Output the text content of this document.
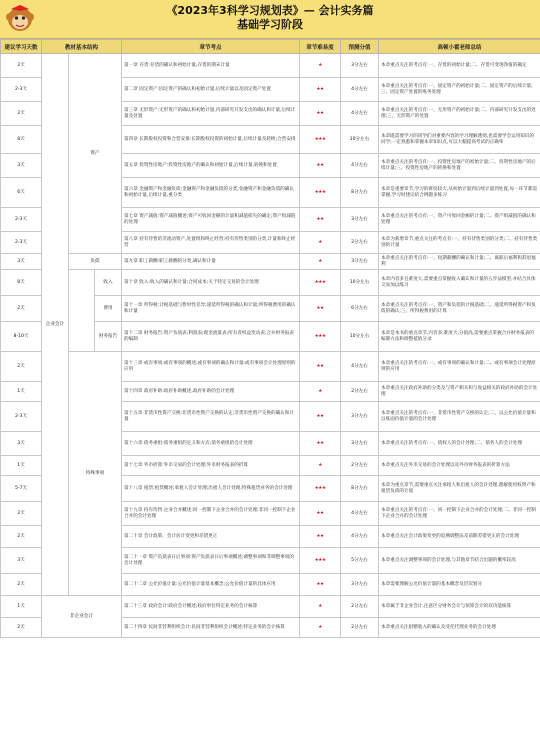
《2023年3科学习规划表》— 会计实务篇
基础学习阶段
建议学习天数	教材基本结构			章节考点	章节难易度	预测分值	高顿小霍老师总结
2天	企业会计	资产		第一章 存货:存货的确认和初始计量,存货的期末计量	★	3分左右	本章重点关注的考点有:一、存货的初始计量;二、存货可变现净值的确定
2-3天				第二章 固定资产:固定资产的确认和初始计量,后续计量以及固定资产处置	★★	4分左右	本章重点关注的考点有:一、固定资产的初始计量;二、固定资产的后续计量;三、固定资产处置的账务处理
2天				第三章 无形资产:无形资产的确认和初始计量,内部研究开发支出的确认和计量,后续计量及处置	★★	4分左右	本章重点关注的考点有:一、无形资产的初始计量;二、内部研究开发支出的处理;三、无形资产的处置
8天				第四章 长期股权投资和合营安排:长期股权投资的初始计量,后续计量及转换;合营安排	★★★	10分左右	本章既需要学习的同学们对重要内容的学习理解透彻,也需要学会运用知识的同学;一定熟悉和掌握本章知识点,可以大幅提高考试的正确率
3天				第五章 投资性房地产:投资性房地产的确认和初始计量,后续计量,转换和处置	★★	4分左右	本章重点关注的考点有:一、投资性房地产的初始计量;二、投资性房地产的后续计量;三、投资性房地产的转换和处置
6天				第六章 金融资产和金融负债:金融资产和金融负债的分类,金融资产和金融负债的确认和初始计量,后续计量,重分类	★★★	8分左右	本章是重要章节,学习的难度较大,从初始计量到后续计量到处置,每一环节都需掌握,学习时建议结合例题多练习
2-3天				第七章 资产减值:资产减值概述;资产可收回金额的计量和减值损失的确定;资产组减值的处理	★★	3分左右	本章重点关注的考点有:一、资产可收回金额的计量;二、资产组减值的确认和处理
2-3天				第八章 持有待售的非流动资产,处置组和终止经营:持有待售类别的分类,计量和终止经营	★	2分左右	本章为新增章节,重点关注的考点有:一、持有待售类别的分类;二、持有待售类别的计量
3天		负债		第九章 职工薪酬:职工薪酬的分类,确认和计量	★	3分左右	本章重点关注的考点有:一、短期薪酬的确认和计量;二、离职后福利和辞退福利
8天			收入	第十章 收入:收入的确认和计量;合同成本;关于特定交易的会计处理	★★★	10分左右	本章内容多且难度大,需要重点掌握收入确认和计量的五步法模型,并结合具体交易加以练习
2天			费用	第十一章 所得税:计税基础与暂时性差异;递延所得税的确认和计量;所得税费用的确认和计量	★★	6分左右	本章重点关注的考点有:一、资产和负债的计税基础;二、递延所得税资产和负债的确认;三、所得税费用的计算
8-10天			财务报告	第十二章 财务报告:资产负债表;利润表;现金流量表;所有者权益变动表;合并财务报表的编制	★★★	10分左右	本章是本书的重点章节,内容多,难度大,分值高,需要重点掌握合并财务报表的编制方法和调整抵销分录
2天		特殊事项		第十三章 或有事项:或有事项的概述;或有事项的确认和计量;或有事项会计处理原则的应用	★★	4分左右	本章重点关注的考点有:一、或有事项的确认和计量;二、或有事项会计处理原则的应用
1天				第十四章 政府补助:政府补助概述,政府补助的会计处理	★	2分左右	本章重点关注政府补助的分类及与资产相关和与收益相关的政府补助的会计处理
2-3天				第十五章 非货币性资产交换:非货币性资产交换的认定;非货币性资产交换的确认和计量	★★	3分左右	本章重点关注的考点有:一、非货币性资产交换的认定;二、以公允价值计量和以账面价值计量的会计处理
3天				第十六章 债务重组:债务重组的定义和方式;债务重组的会计处理	★★	3分左右	本章重点关注的考点有:一、债权人的会计处理;二、债务人的会计处理
1天				第十七章 外币折算:外币交易的会计处理;外币财务报表的折算	★	2分左右	本章重点关注外币交易的会计处理以及外币财务报表的折算方法
5-7天				第十八章 租赁:租赁概述;承租人会计处理;出租人会计处理;特殊租赁业务的会计处理	★★★	8分左右	本章为重点章节,需要重点关注承租人和出租人的会计处理,理解使用权资产和租赁负债的计量
2天				第十九章 持有待售:企业合并概述;同一控制下企业合并的会计处理;非同一控制下企业合并的会计处理	★★	4分左右	本章重点关注的考点有:一、同一控制下企业合并的会计处理;二、非同一控制下企业合并的会计处理
2天				第二十章 会计政策、会计估计变更和差错更正	★★	4分左右	本章重点关注会计政策变更的追溯调整法及前期差错更正的会计处理
3天				第二十一章 资产负债表日后事项:资产负债表日后事项概述;调整事项和非调整事项的会计处理	★★★	5分左右	本章重点关注调整事项的会计处理,与其他章节结合出题的概率较高
2天				第二十二章 公允价值计量:公允价值计量基本概念;公允价值计量的具体应用	★★	3分左右	本章需要理解公允价值计量的基本概念及层次划分
1天	非企业会计			第二十三章 政府会计:政府会计概述;政府单位特定业务的会计核算	★	2分左右	本章属于非企业会计,注意区分财务会计与预算会计的双功能核算
2天				第二十四章 民间非营利组织会计:民间非营利组织会计概述;特定业务的会计核算	★	2分左右	本章重点关注捐赠收入的确认及受托代理业务的会计处理
